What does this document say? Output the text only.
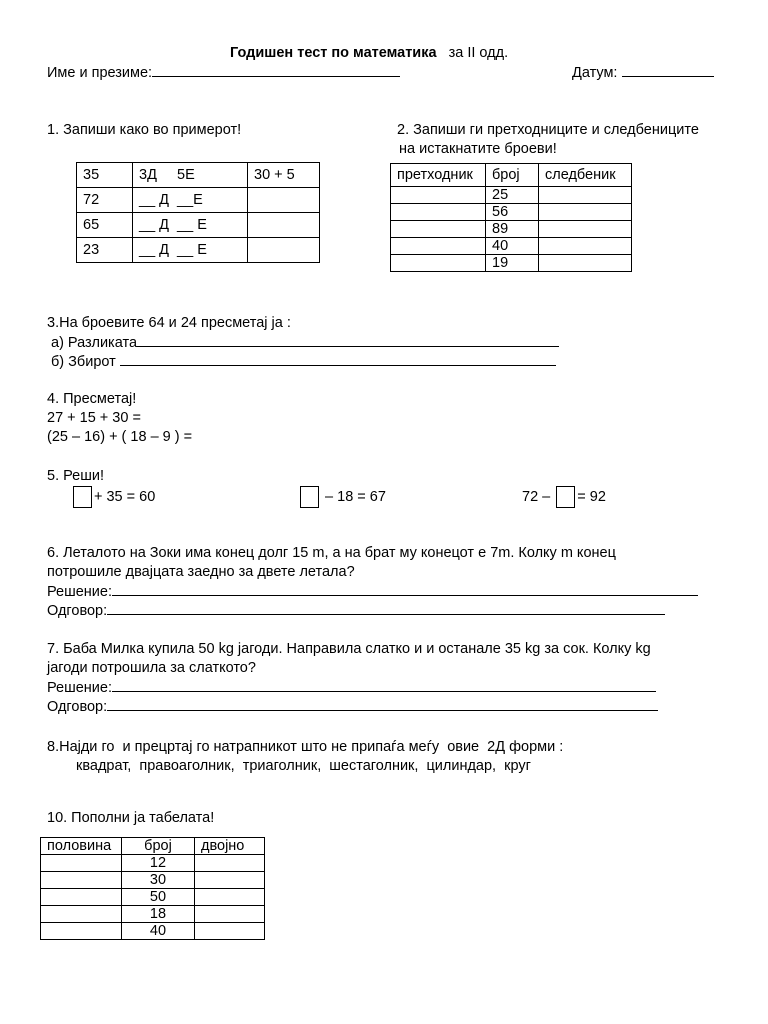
Годишен тест по математика за II одд.
Име и презиме:	Датум:
1. Запиши како во примерот!
35	3Д     5Е	30 + 5
72	__ Д  __Е	
65	__ Д  __ Е	
23	__ Д  __ Е	
2. Запиши ги претходниците и следбениците
на истакнатите броеви!
претходник	број	следбеник
	25	
	56	
	89	
	40	
	19	
3.На броевите 64 и 24 пресметај ја :
а) Разликата
б) Збирот
4. Пресметај!
27 + 15 + 30 =
(25 – 16) + ( 18 – 9 ) =
5. Реши!
+ 35 = 60	– 18 = 67	72 – = 92
6. Леталото на Зоки има конец долг 15 m, а на брат му конецот е 7m. Колку m конец
потрошиле двајцата заедно за двете летала?
Решение:
Одговор:
7. Баба Милка купила 50 kg јагоди. Направила слатко и и останале 35 kg за сок. Колку kg
јагоди потрошила за слаткото?
Решение:
Одговор:
8.Најди го  и прецртај го натрапникот што не припаѓа меѓу  овие  2Д форми :
квадрат,  правоаголник,  триаголник,  шестаголник,  цилиндар,  круг
10. Пополни ја табелата!
половина	број	двојно
	12	
	30	
	50	
	18	
	40	
